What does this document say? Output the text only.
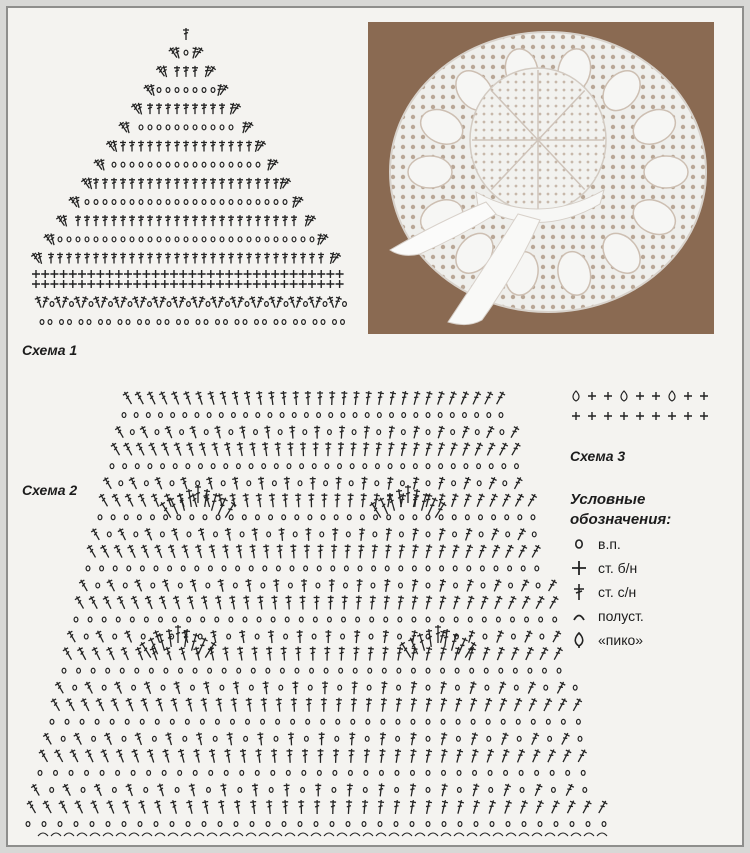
Схема 1
Схема 3
Схема 2
Условные
обозначения:
в.п.
ст. б/н
ст. с/н
полуст.
«пико»
